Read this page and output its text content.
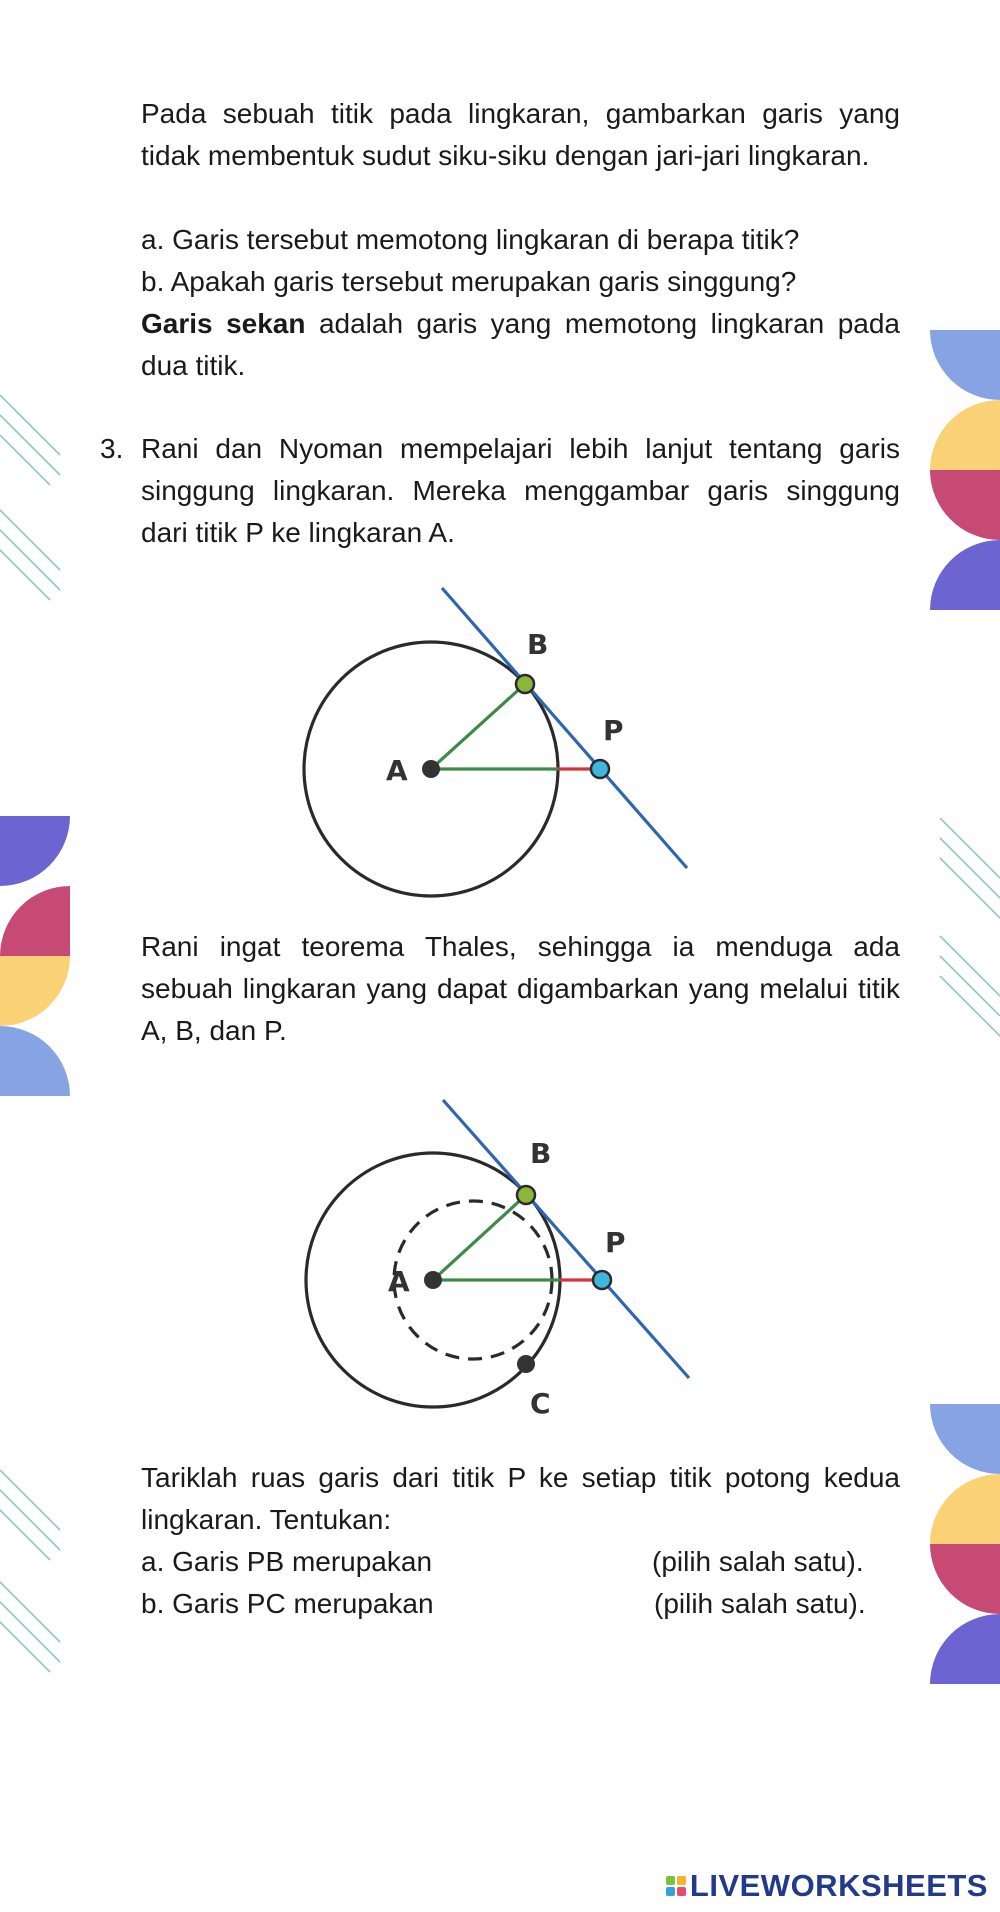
Pada sebuah titik pada lingkaran, gambarkan garis yang tidak membentuk sudut siku-siku dengan jari-jari lingkaran.

a. Garis tersebut memotong lingkaran di berapa titik?
b. Apakah garis tersebut merupakan garis singgung?

Garis sekan adalah garis yang memotong lingkaran pada dua titik.

3. Rani dan Nyoman mempelajari lebih lanjut tentang garis singgung lingkaran. Mereka menggambar garis singgung dari titik P ke lingkaran A.

A
B
P

Rani ingat teorema Thales, sehingga ia menduga ada sebuah lingkaran yang dapat digambarkan yang melalui titik A, B, dan P.

A
B
P
C

Tariklah ruas garis dari titik P ke setiap titik potong kedua lingkaran. Tentukan:

a. Garis PB merupakan	(pilih salah satu).
b. Garis PC merupakan	(pilih salah satu).
LIVEWORKSHEETS
